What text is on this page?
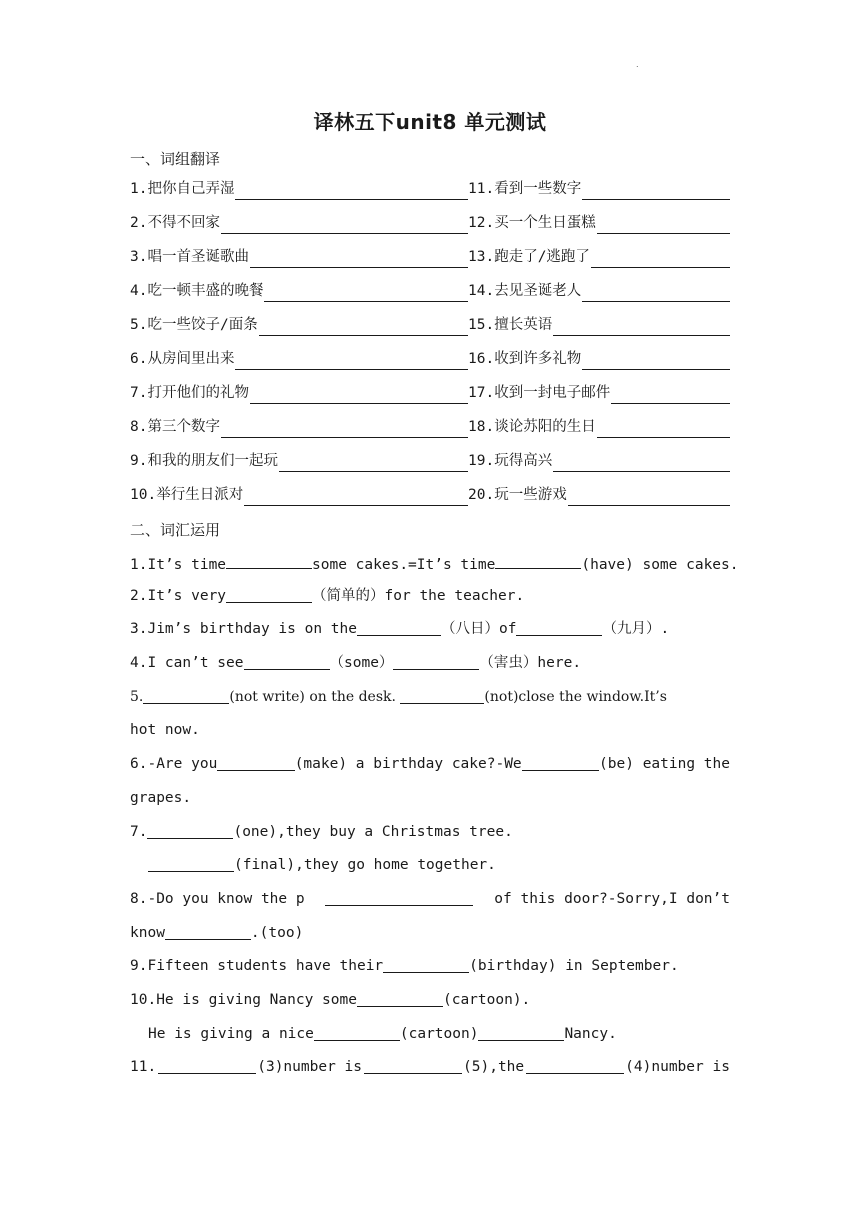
.
译林五下unit8 单元测试
一、词组翻译
1.把你自己弄湿	11.看到一些数字
2.不得不回家	12.买一个生日蛋糕
3.唱一首圣诞歌曲	13.跑走了/逃跑了
4.吃一顿丰盛的晚餐	14.去见圣诞老人
5.吃一些饺子/面条	15.擅长英语
6.从房间里出来	16.收到许多礼物
7.打开他们的礼物	17.收到一封电子邮件
8.第三个数字	18.谈论苏阳的生日
9.和我的朋友们一起玩	19.玩得高兴
10.举行生日派对	20.玩一些游戏
二、词汇运用
1.It’s time	some cakes.=It’s time	(have) some cakes.
2.It’s very	（简单的）for the teacher.
3.Jim’s birthday is on the	（八日）of	（九月）.
4.I can’t see	（some）	（害虫）here.
5.	(not write) on the desk.
	(not)close the window.It’s
hot now.
6.-Are you	(make) a birthday cake?-We	(be) eating the
grapes.
7.	(one),they buy a Christmas tree.
(final),they go home together.
8.-Do you know the p	of this door?-Sorry,I don’t
know	.(too)
9.Fifteen students have their	(birthday) in September.
10.He is giving Nancy some	(cartoon).
He is giving a nice	(cartoon)	Nancy.
11.	(3)number is	(5),the	(4)number is
